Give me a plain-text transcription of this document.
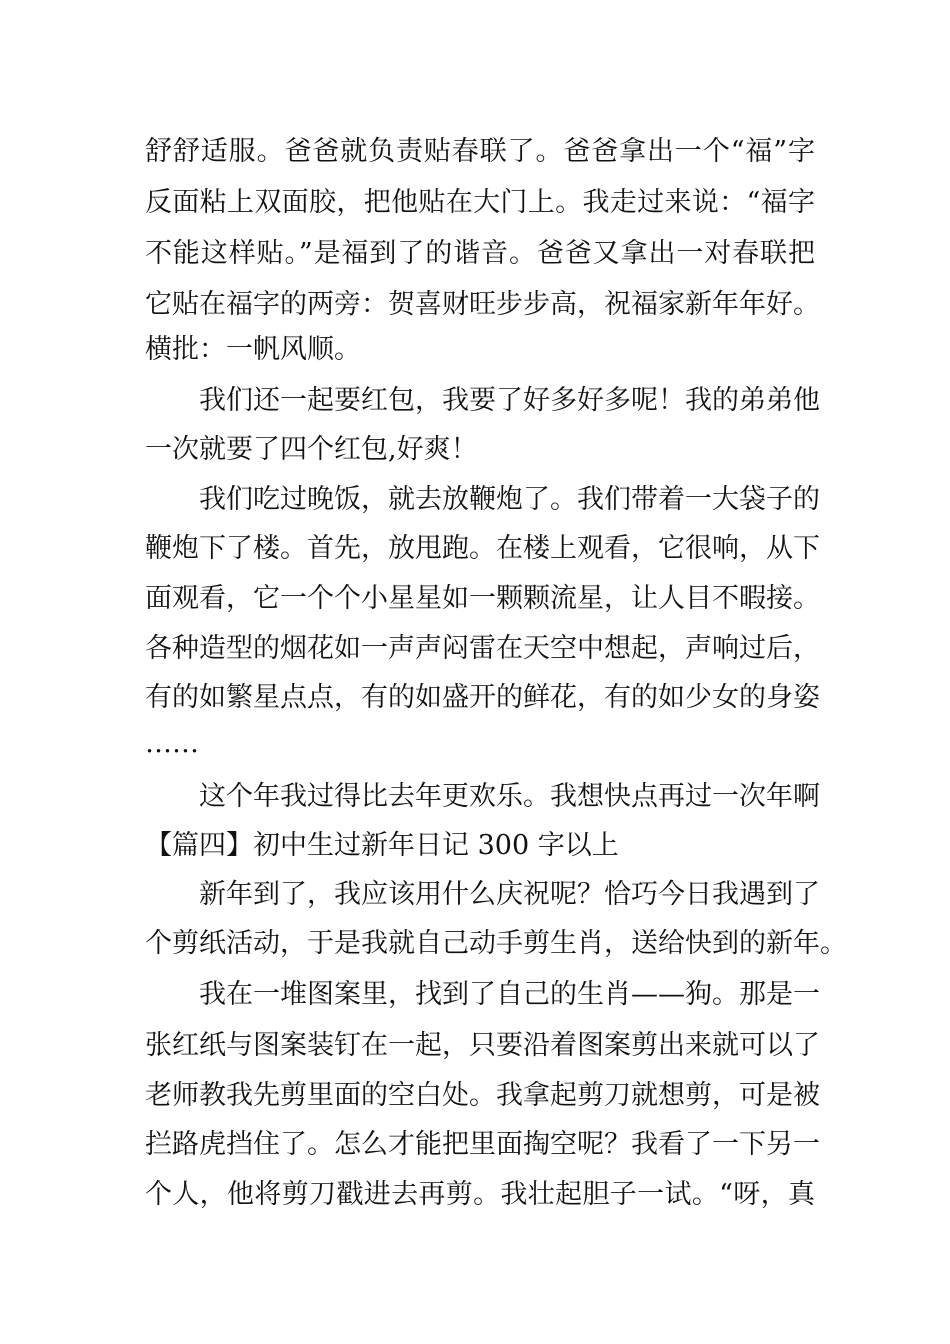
舒舒适服。爸爸就负责贴春联了。爸爸拿出一个“福”字
反面粘上双面胶，把他贴在大门上。我走过来说：“福字
不能这样贴。”是福到了的谐音。爸爸又拿出一对春联把
它贴在福字的两旁：贺喜财旺步步高，祝福家新年年好。
横批：一帆风顺。
我们还一起要红包，我要了好多好多呢！我的弟弟他
一次就要了四个红包,好爽！
我们吃过晚饭，就去放鞭炮了。我们带着一大袋子的
鞭炮下了楼。首先，放甩跑。在楼上观看，它很响，从下
面观看，它一个个小星星如一颗颗流星，让人目不暇接。
各种造型的烟花如一声声闷雷在天空中想起，声响过后，
有的如繁星点点，有的如盛开的鲜花，有的如少女的身姿
……
这个年我过得比去年更欢乐。我想快点再过一次年啊
【篇四】初中生过新年日记 300 字以上
新年到了，我应该用什么庆祝呢？恰巧今日我遇到了
个剪纸活动，于是我就自己动手剪生肖，送给快到的新年。
我在一堆图案里，找到了自己的生肖——狗。那是一
张红纸与图案装钉在一起，只要沿着图案剪出来就可以了
老师教我先剪里面的空白处。我拿起剪刀就想剪，可是被
拦路虎挡住了。怎么才能把里面掏空呢？我看了一下另一
个人，他将剪刀戳进去再剪。我壮起胆子一试。“呀，真
